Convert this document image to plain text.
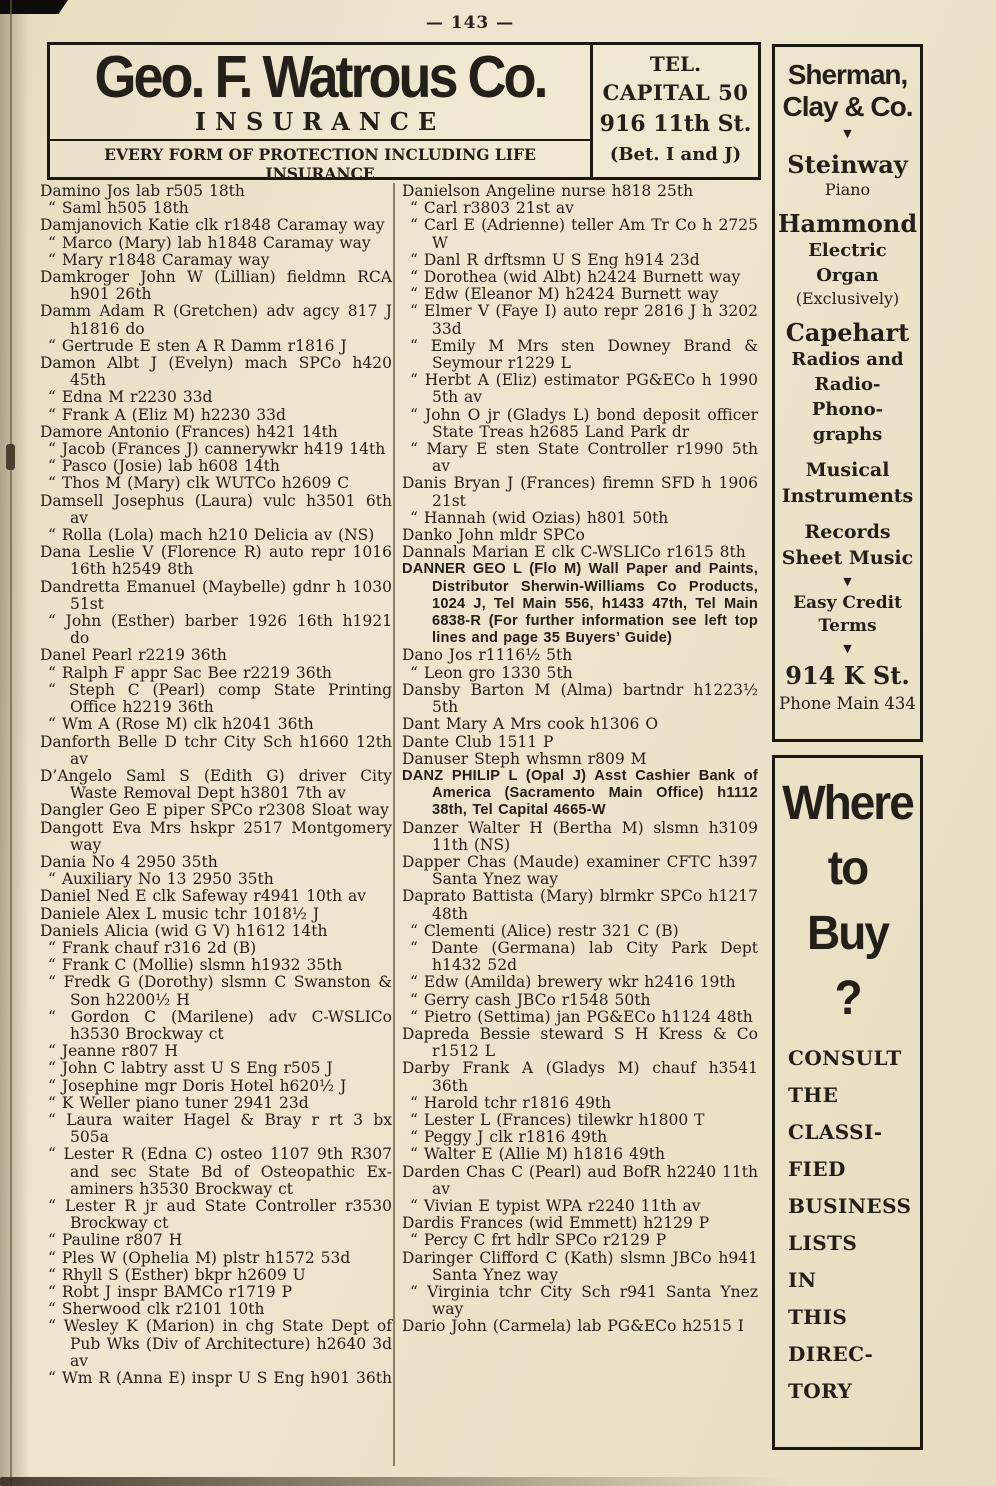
— 143 —
Geo. F. Watrous Co.
INSURANCE
EVERY FORM OF PROTECTION INCLUDING LIFE INSURANCE
TEL.
CAPITAL 50
916 11th St.
(Bet. I and J)
Sherman,
Clay & Co.
▼
Steinway
Piano
Hammond
Electric
Organ
(Exclusively)
Capehart
Radios and
Radio-
Phono-
graphs
Musical
Instruments
Records
Sheet Music
▼
Easy Credit
Terms
▼
914 K St.
Phone Main 434
Where
to
Buy
?
CONSULT
THE
CLASSI-
FIED
BUSINESS
LISTS
IN
THIS
DIREC-
TORY
Damino Jos lab r505 18th
“ Saml h505 18th
Damjanovich Katie clk r1848 Caramay way
“ Marco (Mary) lab h1848 Caramay way
“ Mary r1848 Caramay way
Damkroger John W (Lillian) fieldmn RCA h901 26th
Damm Adam R (Gretchen) adv agcy 817 J h1816 do
“ Gertrude E sten A R Damm r1816 J
Damon Albt J (Evelyn) mach SPCo h420 45th
“ Edna M r2230 33d
“ Frank A (Eliz M) h2230 33d
Damore Antonio (Frances) h421 14th
“ Jacob (Frances J) cannerywkr h419 14th
“ Pasco (Josie) lab h608 14th
“ Thos M (Mary) clk WUTCo h2609 C
Damsell Josephus (Laura) vulc h3501 6th av
“ Rolla (Lola) mach h210 Delicia av (NS)
Dana Leslie V (Florence R) auto repr 1016 16th h2549 8th
Dandretta Emanuel (Maybelle) gdnr h 1030 51st
“ John (Esther) barber 1926 16th h1921 do
Danel Pearl r2219 36th
“ Ralph F appr Sac Bee r2219 36th
“ Steph C (Pearl) comp State Printing Office h2219 36th
“ Wm A (Rose M) clk h2041 36th
Danforth Belle D tchr City Sch h1660 12th av
D’Angelo Saml S (Edith G) driver City Waste Removal Dept h3801 7th av
Dangler Geo E piper SPCo r2308 Sloat way
Dangott Eva Mrs hskpr 2517 Montgomery way
Dania No 4 2950 35th
“ Auxiliary No 13 2950 35th
Daniel Ned E clk Safeway r4941 10th av
Daniele Alex L music tchr 1018½ J
Daniels Alicia (wid G V) h1612 14th
“ Frank chauf r316 2d (B)
“ Frank C (Mollie) slsmn h1932 35th
“ Fredk G (Dorothy) slsmn C Swanston & Son h2200½ H
“ Gordon C (Marilene) adv C-WSLICo h3530 Brockway ct
“ Jeanne r807 H
“ John C labtry asst U S Eng r505 J
“ Josephine mgr Doris Hotel h620½ J
“ K Weller piano tuner 2941 23d
“ Laura waiter Hagel & Bray r rt 3 bx 505a
“ Lester R (Edna C) osteo 1107 9th R307 and sec State Bd of Osteopathic Examiners h3530 Brockway ct
“ Lester R jr aud State Controller r3530 Brockway ct
“ Pauline r807 H
“ Ples W (Ophelia M) plstr h1572 53d
“ Rhyll S (Esther) bkpr h2609 U
“ Robt J inspr BAMCo r1719 P
“ Sherwood clk r2101 10th
“ Wesley K (Marion) in chg State Dept of Pub Wks (Div of Architecture) h2640 3d av
“ Wm R (Anna E) inspr U S Eng h901 36th
Danielson Angeline nurse h818 25th
“ Carl r3803 21st av
“ Carl E (Adrienne) teller Am Tr Co h 2725 W
“ Danl R drftsmn U S Eng h914 23d
“ Dorothea (wid Albt) h2424 Burnett way
“ Edw (Eleanor M) h2424 Burnett way
“ Elmer V (Faye I) auto repr 2816 J h 3202 33d
“ Emily M Mrs sten Downey Brand & Seymour r1229 L
“ Herbt A (Eliz) estimator PG&ECo h 1990 5th av
“ John O jr (Gladys L) bond deposit officer State Treas h2685 Land Park dr
“ Mary E sten State Controller r1990 5th av
Danis Bryan J (Frances) firemn SFD h 1906 21st
“ Hannah (wid Ozias) h801 50th
Danko John mldr SPCo
Dannals Marian E clk C-WSLICo r1615 8th
DANNER GEO L (Flo M) Wall Paper and Paints, Distributor Sherwin-Williams Co Products, 1024 J, Tel Main 556, h1433 47th, Tel Main 6838-R (For further information see left top lines and page 35 Buyers’ Guide)
Dano Jos r1116½ 5th
“ Leon gro 1330 5th
Dansby Barton M (Alma) bartndr h1223½ 5th
Dant Mary A Mrs cook h1306 O
Dante Club 1511 P
Danuser Steph whsmn r809 M
DANZ PHILIP L (Opal J) Asst Cashier Bank of America (Sacramento Main Office) h1112 38th, Tel Capital 4665-W
Danzer Walter H (Bertha M) slsmn h3109 11th (NS)
Dapper Chas (Maude) examiner CFTC h397 Santa Ynez way
Daprato Battista (Mary) blrmkr SPCo h1217 48th
“ Clementi (Alice) restr 321 C (B)
“ Dante (Germana) lab City Park Dept h1432 52d
“ Edw (Amilda) brewery wkr h2416 19th
“ Gerry cash JBCo r1548 50th
“ Pietro (Settima) jan PG&ECo h1124 48th
Dapreda Bessie steward S H Kress & Co r1512 L
Darby Frank A (Gladys M) chauf h3541 36th
“ Harold tchr r1816 49th
“ Lester L (Frances) tilewkr h1800 T
“ Peggy J clk r1816 49th
“ Walter E (Allie M) h1816 49th
Darden Chas C (Pearl) aud BofR h2240 11th av
“ Vivian E typist WPA r2240 11th av
Dardis Frances (wid Emmett) h2129 P
“ Percy C frt hdlr SPCo r2129 P
Daringer Clifford C (Kath) slsmn JBCo h941 Santa Ynez way
“ Virginia tchr City Sch r941 Santa Ynez way
Dario John (Carmela) lab PG&ECo h2515 I
